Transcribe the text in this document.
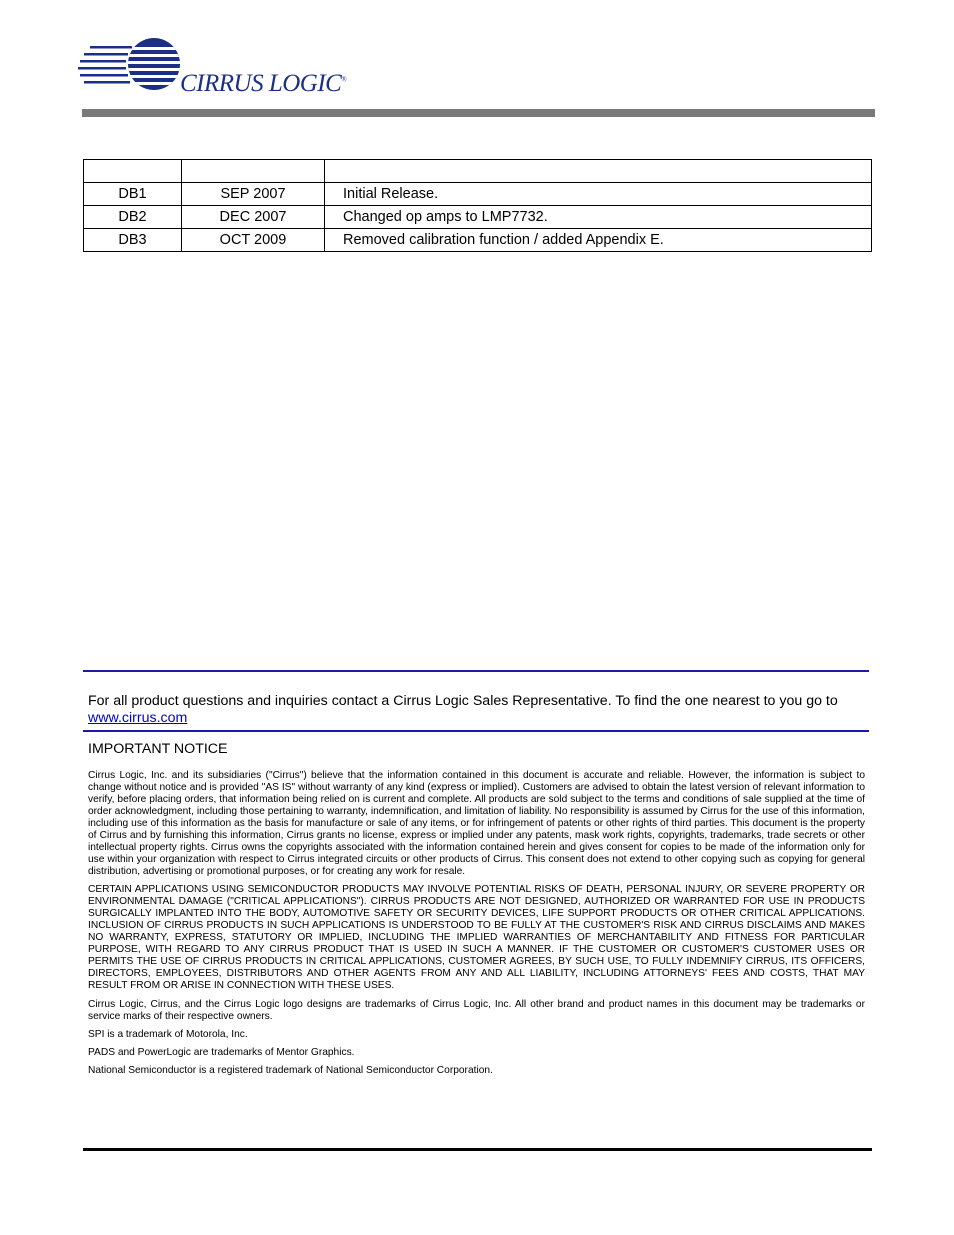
CIRRUS LOGIC®

DB1	SEP 2007	Initial Release.
DB2	DEC 2007	Changed op amps to LMP7732.
DB3	OCT 2009	Removed calibration function / added Appendix E.
For all product questions and inquiries contact a Cirrus Logic Sales Representative. To find the one nearest to you go to www.cirrus.com
IMPORTANT NOTICE

Cirrus Logic, Inc. and its subsidiaries ("Cirrus") believe that the information contained in this document is accurate and reliable. However, the information is subject to change without notice and is provided "AS IS" without warranty of any kind (express or implied). Customers are advised to obtain the latest version of relevant information to verify, before placing orders, that information being relied on is current and complete. All products are sold subject to the terms and conditions of sale supplied at the time of order acknowledgment, including those pertaining to warranty, indemnification, and limitation of liability. No responsibility is assumed by Cirrus for the use of this information, including use of this information as the basis for manufacture or sale of any items, or for infringement of patents or other rights of third parties. This document is the property of Cirrus and by furnishing this information, Cirrus grants no license, express or implied under any patents, mask work rights, copyrights, trademarks, trade secrets or other intellectual property rights. Cirrus owns the copyrights associated with the information contained herein and gives consent for copies to be made of the information only for use within your organization with respect to Cirrus integrated circuits or other products of Cirrus. This consent does not extend to other copying such as copying for general distribution, advertising or promotional purposes, or for creating any work for resale.

CERTAIN APPLICATIONS USING SEMICONDUCTOR PRODUCTS MAY INVOLVE POTENTIAL RISKS OF DEATH, PERSONAL INJURY, OR SEVERE PROPERTY OR ENVIRONMENTAL DAMAGE ("CRITICAL APPLICATIONS"). CIRRUS PRODUCTS ARE NOT DESIGNED, AUTHORIZED OR WARRANTED FOR USE IN PRODUCTS SURGICALLY IMPLANTED INTO THE BODY, AUTOMOTIVE SAFETY OR SECURITY DEVICES, LIFE SUPPORT PRODUCTS OR OTHER CRITICAL APPLICATIONS. INCLUSION OF CIRRUS PRODUCTS IN SUCH APPLICATIONS IS UNDERSTOOD TO BE FULLY AT THE CUSTOMER'S RISK AND CIRRUS DISCLAIMS AND MAKES NO WARRANTY, EXPRESS, STATUTORY OR IMPLIED, INCLUDING THE IMPLIED WARRANTIES OF MERCHANTABILITY AND FITNESS FOR PARTICULAR PURPOSE, WITH REGARD TO ANY CIRRUS PRODUCT THAT IS USED IN SUCH A MANNER. IF THE CUSTOMER OR CUSTOMER'S CUSTOMER USES OR PERMITS THE USE OF CIRRUS PRODUCTS IN CRITICAL APPLICATIONS, CUSTOMER AGREES, BY SUCH USE, TO FULLY INDEMNIFY CIRRUS, ITS OFFICERS, DIRECTORS, EMPLOYEES, DISTRIBUTORS AND OTHER AGENTS FROM ANY AND ALL LIABILITY, INCLUDING ATTORNEYS' FEES AND COSTS, THAT MAY RESULT FROM OR ARISE IN CONNECTION WITH THESE USES.

Cirrus Logic, Cirrus, and the Cirrus Logic logo designs are trademarks of Cirrus Logic, Inc. All other brand and product names in this document may be trademarks or service marks of their respective owners.

SPI is a trademark of Motorola, Inc.

PADS and PowerLogic are trademarks of Mentor Graphics.

National Semiconductor is a registered trademark of National Semiconductor Corporation.
